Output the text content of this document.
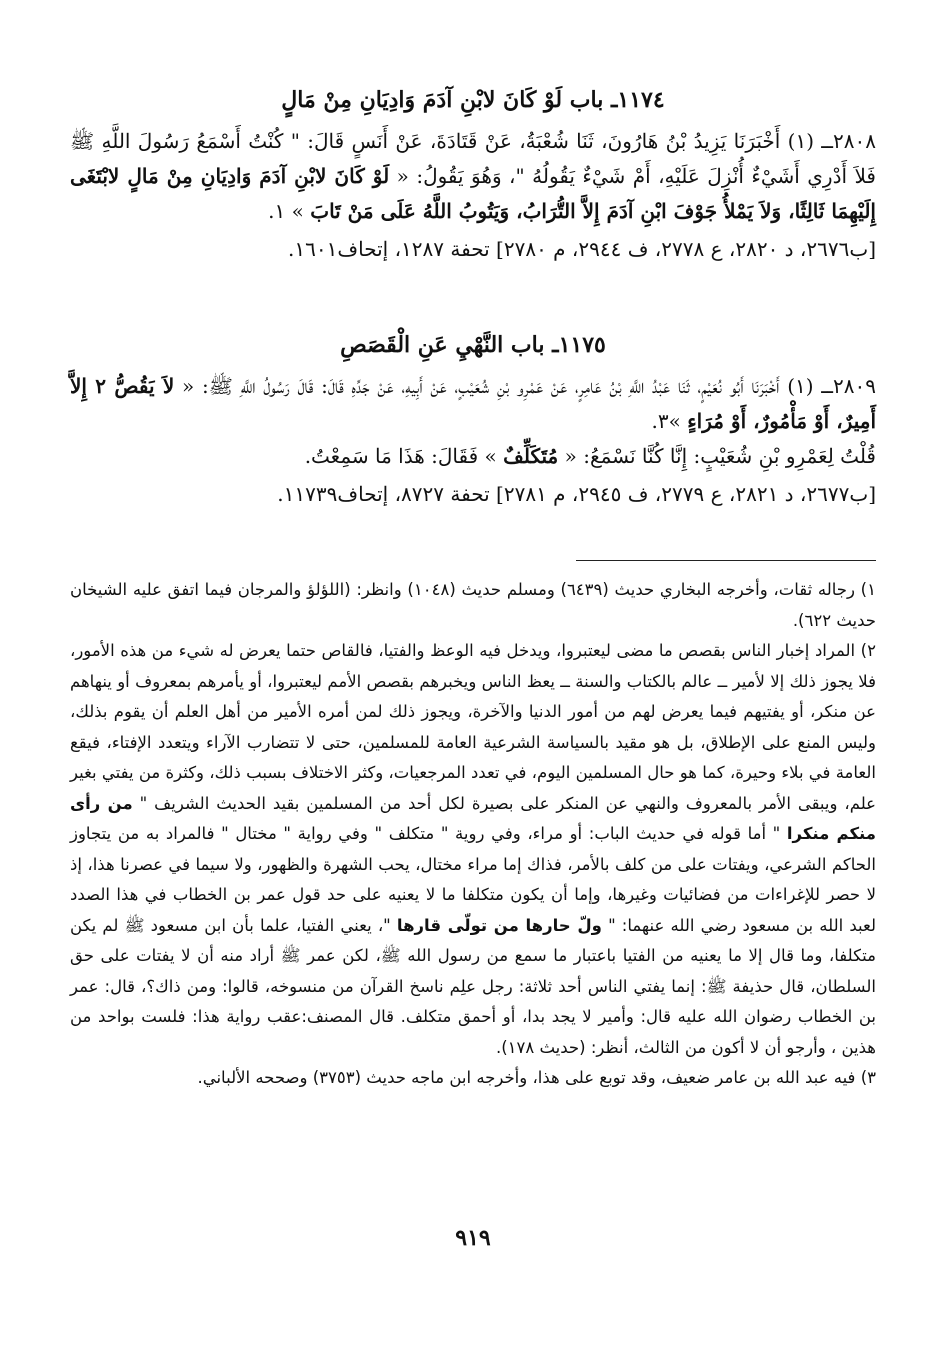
١١٧٤ـ باب لَوْ كَانَ لابْنِ آدَمَ وَادِيَانِ مِنْ مَالٍ

٢٨٠٨ــ (١) أَخْبَرَنَا يَزِيدُ بْنُ هَارُونَ، ثَنَا شُعْبَةُ، عَنْ قَتَادَةَ، عَنْ أَنَسٍ قَالَ: " كُنْتُ أَسْمَعُ رَسُولَ اللَّهِ ﷺ فَلاَ أَدْرِي أَشَيْءٌ أُنْزِلَ عَلَيْهِ، أَمْ شَيْءٌ يَقُولُهُ "، وَهُوَ يَقُولُ: « لَوْ كَانَ لابْنِ آدَمَ وَادِيَانِ مِنْ مَالٍ لابْتَغَى إِلَيْهِمَا ثَالِثًا، وَلاَ يَمْلأُ جَوْفَ ابْنِ آدَمَ إِلاَّ التُّرَابُ، وَيَتُوبُ اللَّهُ عَلَى مَنْ تَابَ » ١.

[ب٢٦٧٦، د ٢٨٢٠، ع ٢٧٧٨، ف ٢٩٤٤، م ٢٧٨٠] تحفة ١٢٨٧، إتحاف١٦٠١.

١١٧٥ـ باب النَّهْيِ عَنِ الْقَصَصِ

٢٨٠٩ــ (١) أَخْبَرَنَا أَبُو نُعَيْمٍ، ثَنَا عَبْدُ اللَّهِ بْنُ عَامِرٍ، عَنْ عَمْرِو بْنِ شُعَيْبٍ، عَنْ أَبِيهِ، عَنْ جَدِّهِ قَالَ: قَالَ رَسُولُ اللَّهِ ﷺ: « لاَ يَقُصُّ ٢ إِلاَّ أَمِيرٌ، أَوْ مَأْمُورٌ، أَوْ مُرَاءٍ »٣.

قُلْتُ لِعَمْرِو بْنِ شُعَيْبٍ: إِنَّا كُنَّا نَسْمَعُ: « مُتَكَلِّفٌ » فَقَالَ: هَذَا مَا سَمِعْتُ.

[ب٢٦٧٧، د ٢٨٢١، ع ٢٧٧٩، ف ٢٩٤٥، م ٢٧٨١] تحفة ٨٧٢٧، إتحاف١١٧٣٩.

١) رجاله ثقات، وأخرجه البخاري حديث (٦٤٣٩) ومسلم حديث (١٠٤٨) وانظر: (اللؤلؤ والمرجان فيما اتفق عليه الشيخان حديث ٦٢٢).

٢) المراد إخبار الناس بقصص ما مضى ليعتبروا، ويدخل فيه الوعظ والفتيا، فالقاص حتما يعرض له شيء من هذه الأمور، فلا يجوز ذلك إلا لأمير ــ عالم بالكتاب والسنة ــ يعظ الناس ويخبرهم بقصص الأمم ليعتبروا، أو يأمرهم بمعروف أو ينهاهم عن منكر، أو يفتيهم فيما يعرض لهم من أمور الدنيا والآخرة، ويجوز ذلك لمن أمره الأمير من أهل العلم أن يقوم بذلك، وليس المنع على الإطلاق، بل هو مقيد بالسياسة الشرعية العامة للمسلمين، حتى لا تتضارب الآراء ويتعدد الإفتاء، فيقع العامة في بلاء وحيرة، كما هو حال المسلمين اليوم، في تعدد المرجعيات، وكثر الاختلاف بسبب ذلك، وكثرة من يفتي بغير علم، ويبقى الأمر بالمعروف والنهي عن المنكر على بصيرة لكل أحد من المسلمين بقيد الحديث الشريف " من رأى منكم منكرا " أما قوله في حديث الباب: أو مراء، وفي روية " متكلف " وفي رواية " مختال " فالمراد به من يتجاوز الحاكم الشرعي، ويفتات على من كلف بالأمر، فذاك إما مراء مختال، يحب الشهرة والظهور، ولا سيما في عصرنا هذا، إذ لا حصر للإغراءات من فضائيات وغيرها، وإما أن يكون متكلفا ما لا يعنيه على حد قول عمر بن الخطاب في هذا الصدد لعبد الله بن مسعود رضي الله عنهما: " ولّ حارها من تولّى قارها "، يعني الفتيا، علما بأن ابن مسعود ﷺ لم يكن متكلفا، وما قال إلا ما يعنيه من الفتيا باعتبار ما سمع من رسول الله ﷺ، لكن عمر ﷺ أراد منه أن لا يفتات على حق السلطان، قال حذيفة ﷺ: إنما يفتي الناس أحد ثلاثة: رجل علِم ناسخ القرآن من منسوخه، قالوا: ومن ذاك؟، قال: عمر بن الخطاب رضوان الله عليه قال: وأمير لا يجد بدا، أو أحمق متكلف. قال المصنف:عقب رواية هذا: فلست بواحد من هذين ، وأرجو أن لا أكون من الثالث، أنظر: (حديث ١٧٨).

٣) فيه عبد الله بن عامر ضعيف، وقد توبع على هذا، وأخرجه ابن ماجه حديث (٣٧٥٣) وصححه الألباني.

٩١٩
